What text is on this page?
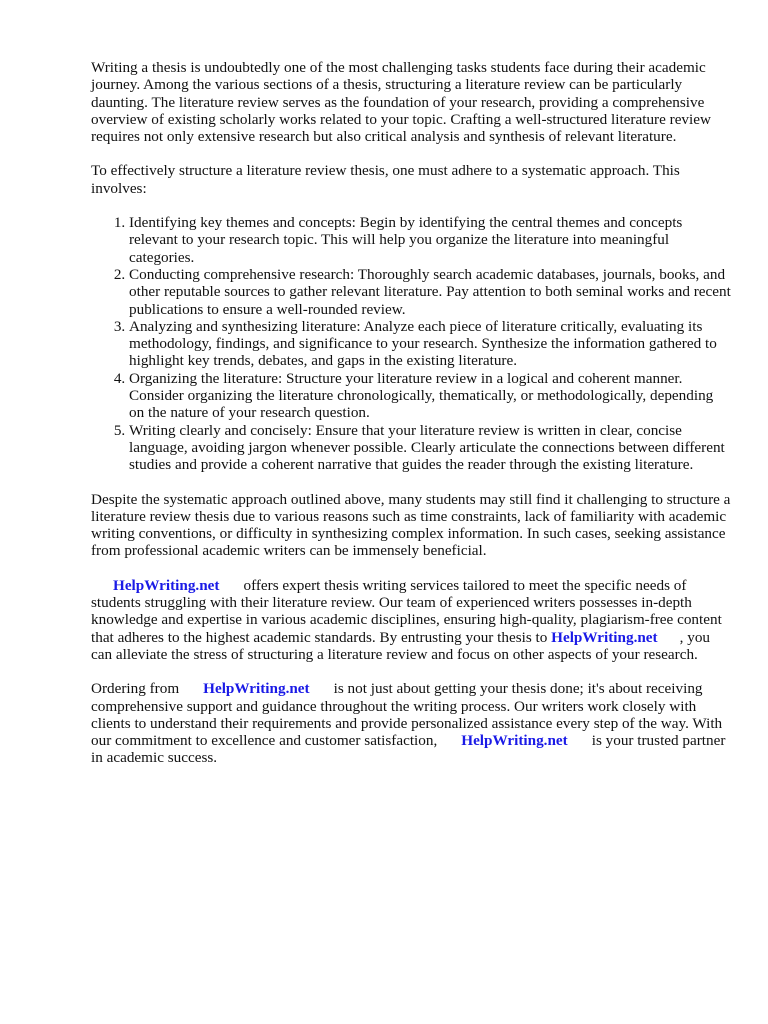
Writing a thesis is undoubtedly one of the most challenging tasks students face during their academic journey. Among the various sections of a thesis, structuring a literature review can be particularly daunting. The literature review serves as the foundation of your research, providing a comprehensive overview of existing scholarly works related to your topic. Crafting a well-structured literature review requires not only extensive research but also critical analysis and synthesis of relevant literature.

To effectively structure a literature review thesis, one must adhere to a systematic approach. This involves:

1. Identifying key themes and concepts: Begin by identifying the central themes and concepts relevant to your research topic. This will help you organize the literature into meaningful categories.
2. Conducting comprehensive research: Thoroughly search academic databases, journals, books, and other reputable sources to gather relevant literature. Pay attention to both seminal works and recent publications to ensure a well-rounded review.
3. Analyzing and synthesizing literature: Analyze each piece of literature critically, evaluating its methodology, findings, and significance to your research. Synthesize the information gathered to highlight key trends, debates, and gaps in the existing literature.
4. Organizing the literature: Structure your literature review in a logical and coherent manner. Consider organizing the literature chronologically, thematically, or methodologically, depending on the nature of your research question.
5. Writing clearly and concisely: Ensure that your literature review is written in clear, concise language, avoiding jargon whenever possible. Clearly articulate the connections between different studies and provide a coherent narrative that guides the reader through the existing literature.

Despite the systematic approach outlined above, many students may still find it challenging to structure a literature review thesis due to various reasons such as time constraints, lack of familiarity with academic writing conventions, or difficulty in synthesizing complex information. In such cases, seeking assistance from professional academic writers can be immensely beneficial.

HelpWriting.net offers expert thesis writing services tailored to meet the specific needs of students struggling with their literature review. Our team of experienced writers possesses in-depth knowledge and expertise in various academic disciplines, ensuring high-quality, plagiarism-free content that adheres to the highest academic standards. By entrusting your thesis to HelpWriting.net , you can alleviate the stress of structuring a literature review and focus on other aspects of your research.

Ordering from HelpWriting.net is not just about getting your thesis done; it's about receiving comprehensive support and guidance throughout the writing process. Our writers work closely with clients to understand their requirements and provide personalized assistance every step of the way. With our commitment to excellence and customer satisfaction, HelpWriting.net is your trusted partner in academic success.
